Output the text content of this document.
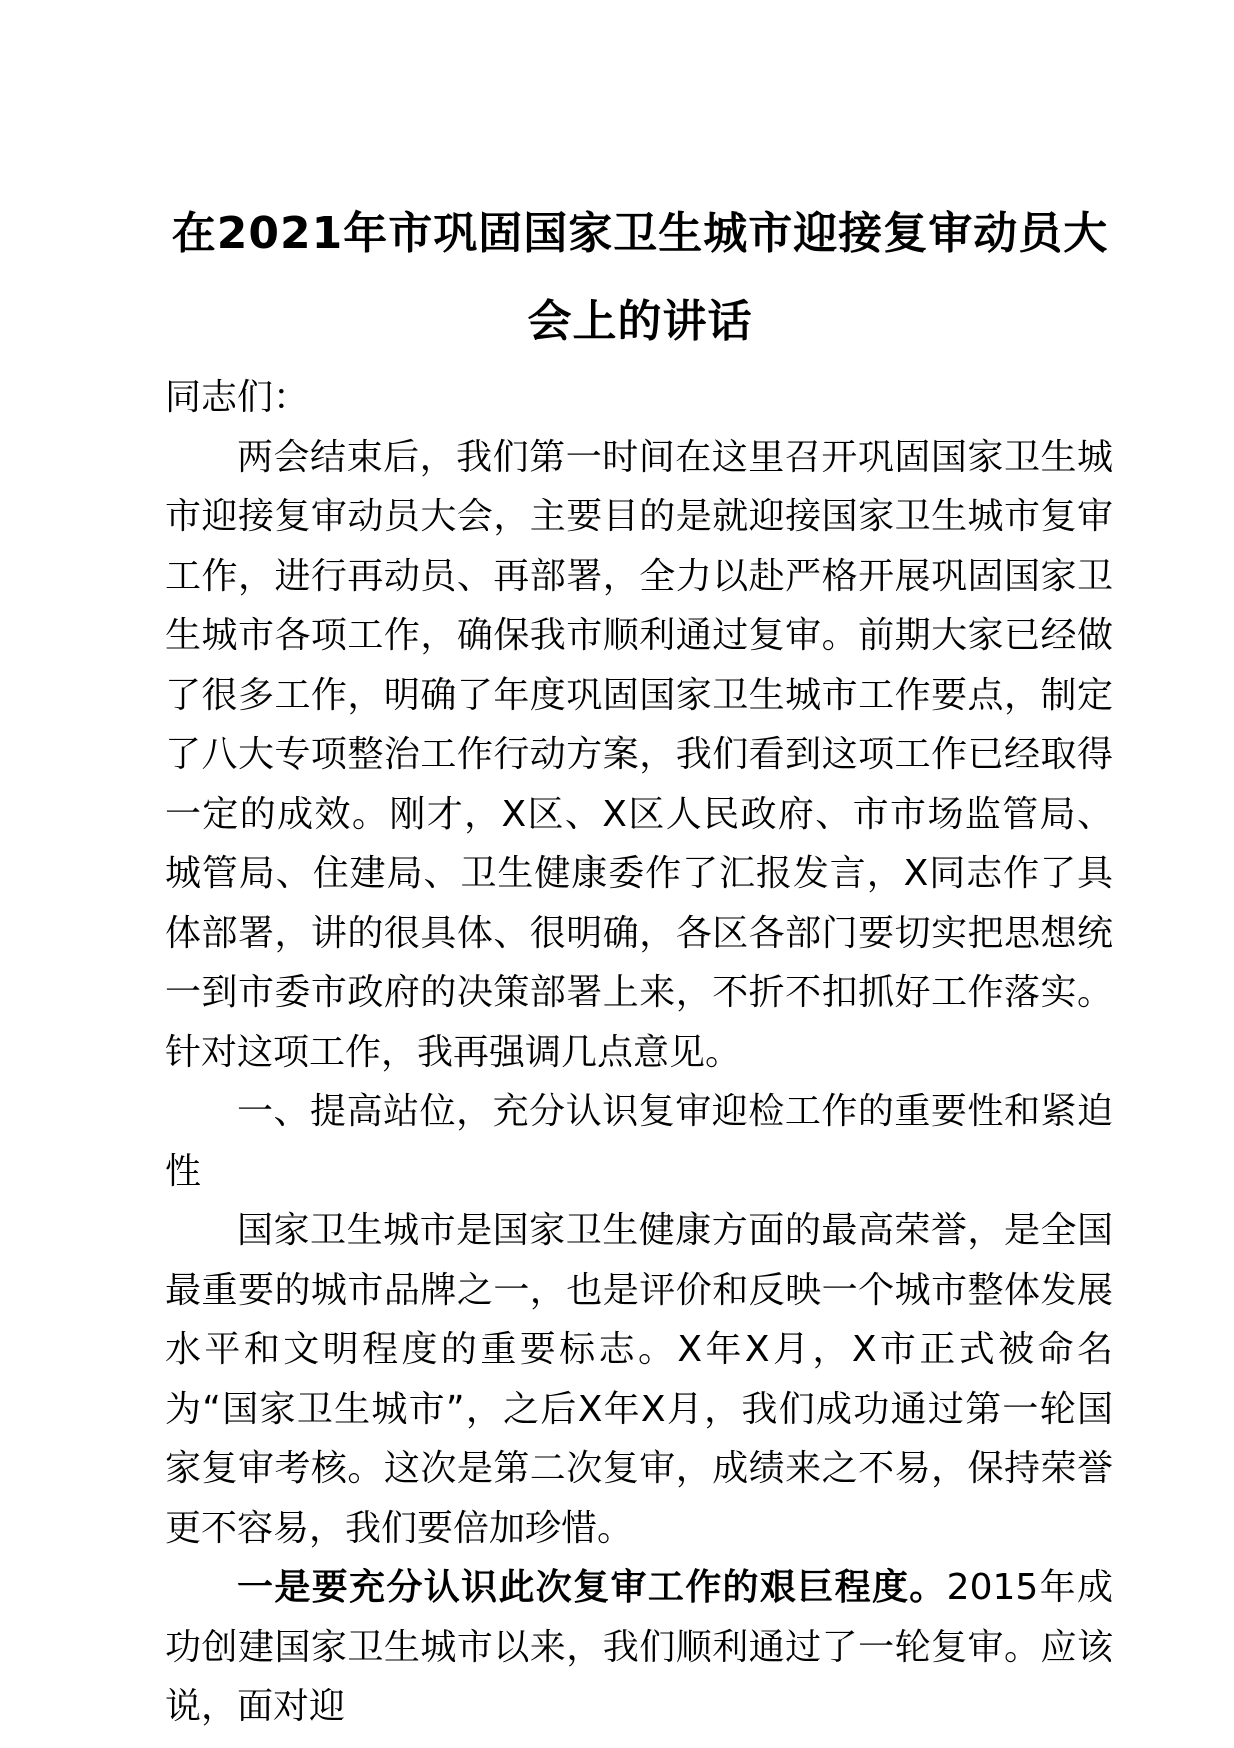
在2021年市巩固国家卫生城市迎接复审动员大会上的讲话

同志们：

两会结束后，我们第一时间在这里召开巩固国家卫生城市迎接复审动员大会，主要目的是就迎接国家卫生城市复审工作，进行再动员、再部署，全力以赴严格开展巩固国家卫生城市各项工作，确保我市顺利通过复审。前期大家已经做了很多工作，明确了年度巩固国家卫生城市工作要点，制定了八大专项整治工作行动方案，我们看到这项工作已经取得一定的成效。刚才，X区、X区人民政府、市市场监管局、城管局、住建局、卫生健康委作了汇报发言，X同志作了具体部署，讲的很具体、很明确，各区各部门要切实把思想统一到市委市政府的决策部署上来，不折不扣抓好工作落实。针对这项工作，我再强调几点意见。

一、提高站位，充分认识复审迎检工作的重要性和紧迫性

国家卫生城市是国家卫生健康方面的最高荣誉，是全国最重要的城市品牌之一，也是评价和反映一个城市整体发展水平和文明程度的重要标志。X年X月，X市正式被命名为“国家卫生城市”，之后X年X月，我们成功通过第一轮国家复审考核。这次是第二次复审，成绩来之不易，保持荣誉更不容易，我们要倍加珍惜。

一是要充分认识此次复审工作的艰巨程度。2015年成功创建国家卫生城市以来，我们顺利通过了一轮复审。应该说，面对迎
